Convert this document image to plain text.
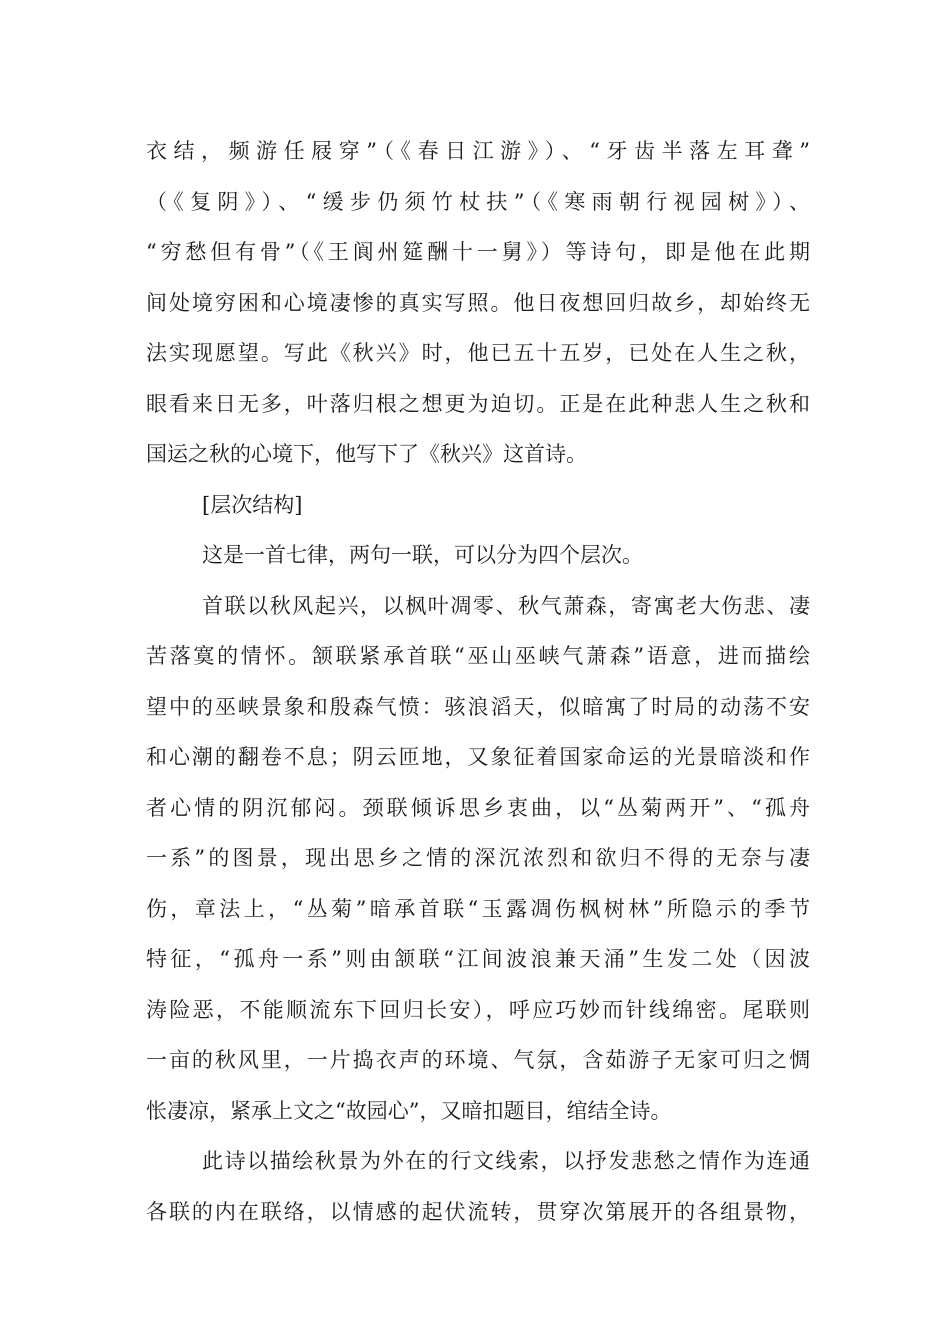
衣结，频游任屐穿”（《春日江游》）、“牙齿半落左耳聋”
（《复阴》）、“缓步仍须竹杖扶”（《寒雨朝行视园树》）、
“穷愁但有骨”（《王阆州筵酬十一舅》）等诗句，即是他在此期
间处境穷困和心境凄惨的真实写照。他日夜想回归故乡，却始终无
法实现愿望。写此《秋兴》时，他已五十五岁，已处在人生之秋，
眼看来日无多，叶落归根之想更为迫切。正是在此种悲人生之秋和
国运之秋的心境下，他写下了《秋兴》这首诗。
[层次结构]
这是一首七律，两句一联，可以分为四个层次。
首联以秋风起兴，以枫叶凋零、秋气萧森，寄寓老大伤悲、凄
苦落寞的情怀。颔联紧承首联“巫山巫峡气萧森”语意，进而描绘
望中的巫峡景象和殷森气愤：骇浪滔天，似暗寓了时局的动荡不安
和心潮的翻卷不息；阴云匝地，又象征着国家命运的光景暗淡和作
者心情的阴沉郁闷。颈联倾诉思乡衷曲，以“丛菊两开”、“孤舟
一系”的图景，现出思乡之情的深沉浓烈和欲归不得的无奈与凄
伤，章法上，“丛菊”暗承首联“玉露凋伤枫树林”所隐示的季节
特征，“孤舟一系”则由颔联“江间波浪兼天涌”生发二处（因波
涛险恶，不能顺流东下回归长安），呼应巧妙而针线绵密。尾联则
一亩的秋风里，一片捣衣声的环境、气氛，含茹游子无家可归之惆
怅凄凉，紧承上文之“故园心”，又暗扣题目，绾结全诗。
此诗以描绘秋景为外在的行文线索，以抒发悲愁之情作为连通
各联的内在联络，以情感的起伏流转，贯穿次第展开的各组景物，
